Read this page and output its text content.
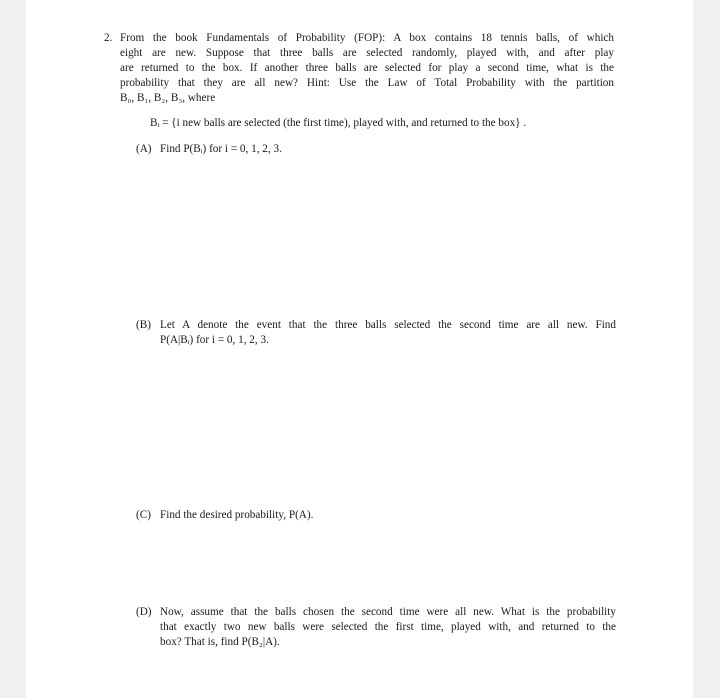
2. From the book Fundamentals of Probability (FOP): A box contains 18 tennis balls, of which
eight are new. Suppose that three balls are selected randomly, played with, and after play
are returned to the box. If another three balls are selected for play a second time, what is the
probability that they are all new? Hint: Use the Law of Total Probability with the partition
B₀, B₁, B₂, B₃, where
Bᵢ = {i new balls are selected (the first time), played with, and returned to the box} .
(A) Find P(Bᵢ) for i = 0, 1, 2, 3.
(B) Let A denote the event that the three balls selected the second time are all new. Find
P(A|Bᵢ) for i = 0, 1, 2, 3.
(C) Find the desired probability, P(A).
(D) Now, assume that the balls chosen the second time were all new. What is the probability
that exactly two new balls were selected the first time, played with, and returned to the
box? That is, find P(B₂|A).
